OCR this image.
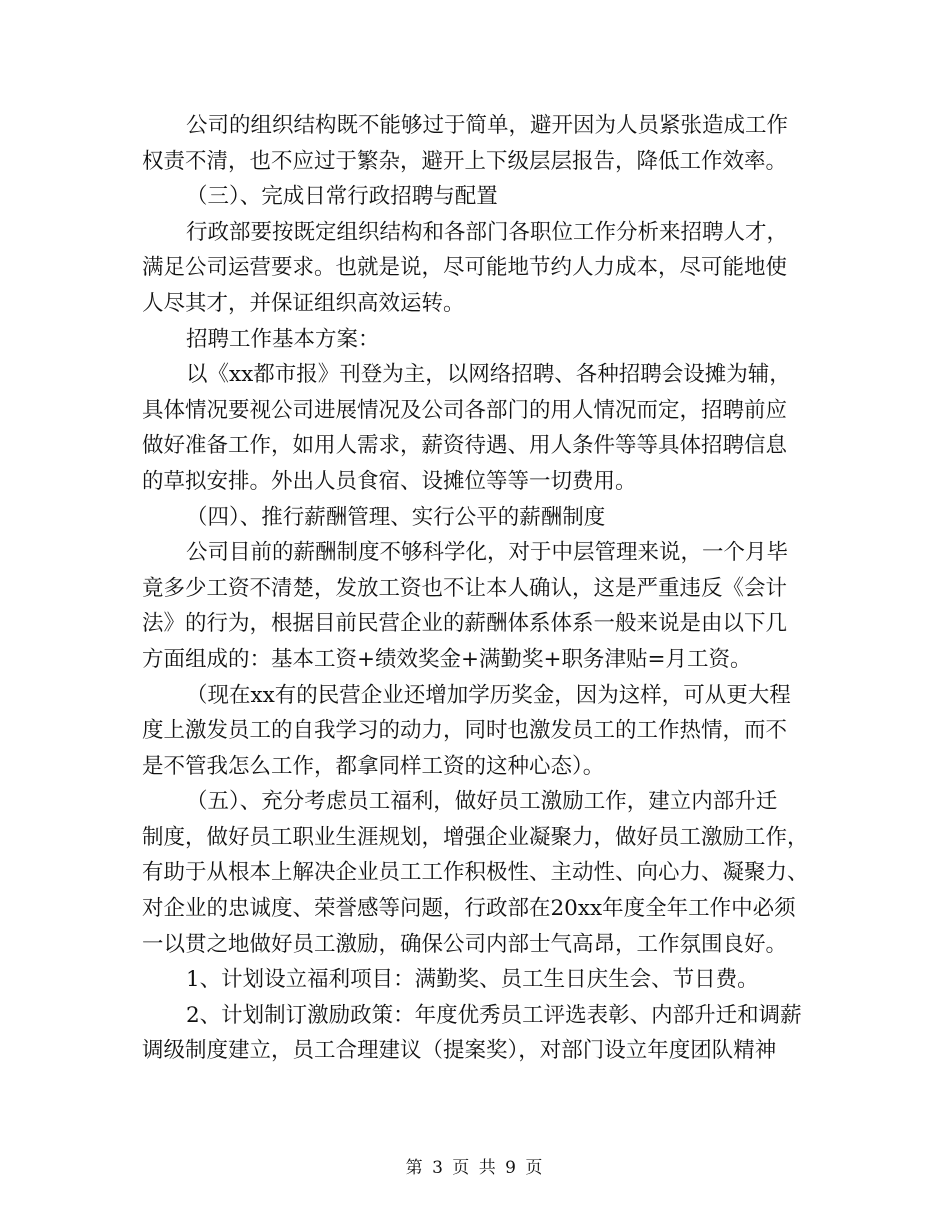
公司的组织结构既不能够过于简单，避开因为人员紧张造成工作
权责不清，也不应过于繁杂，避开上下级层层报告，降低工作效率。
（三）、完成日常行政招聘与配置
行政部要按既定组织结构和各部门各职位工作分析来招聘人才，
满足公司运营要求。也就是说，尽可能地节约人力成本，尽可能地使
人尽其才，并保证组织高效运转。
招聘工作基本方案：
以《xx都市报》刊登为主，以网络招聘、各种招聘会设摊为辅，
具体情况要视公司进展情况及公司各部门的用人情况而定，招聘前应
做好准备工作，如用人需求，薪资待遇、用人条件等等具体招聘信息
的草拟安排。外出人员食宿、设摊位等等一切费用。
（四）、推行薪酬管理、实行公平的薪酬制度
公司目前的薪酬制度不够科学化，对于中层管理来说，一个月毕
竟多少工资不清楚，发放工资也不让本人确认，这是严重违反《会计
法》的行为，根据目前民营企业的薪酬体系体系一般来说是由以下几
方面组成的：基本工资+绩效奖金+满勤奖+职务津贴=月工资。
（现在xx有的民营企业还增加学历奖金，因为这样，可从更大程
度上激发员工的自我学习的动力，同时也激发员工的工作热情，而不
是不管我怎么工作，都拿同样工资的这种心态）。
（五）、充分考虑员工福利，做好员工激励工作，建立内部升迁
制度，做好员工职业生涯规划，增强企业凝聚力，做好员工激励工作，
有助于从根本上解决企业员工工作积极性、主动性、向心力、凝聚力、
对企业的忠诚度、荣誉感等问题，行政部在20xx年度全年工作中必须
一以贯之地做好员工激励，确保公司内部士气高昂，工作氛围良好。
1、计划设立福利项目：满勤奖、员工生日庆生会、节日费。
2、计划制订激励政策：年度优秀员工评选表彰、内部升迁和调薪
调级制度建立，员工合理建议（提案奖），对部门设立年度团队精神
第 3 页 共 9 页
